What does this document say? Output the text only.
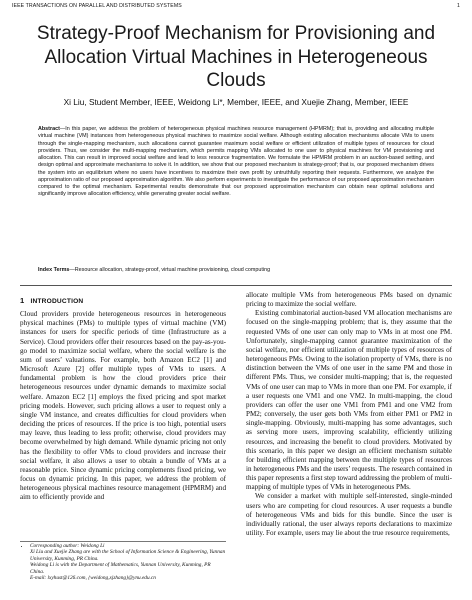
IEEE TRANSACTIONS ON PARALLEL AND DISTRIBUTED SYSTEMS	1
Strategy-Proof Mechanism for Provisioning and Allocation Virtual Machines in Heterogeneous Clouds
Xi Liu, Student Member, IEEE, Weidong Li*, Member, IEEE, and Xuejie Zhang, Member, IEEE

Abstract—In this paper, we address the problem of heterogeneous physical machines resource management (HPMRM); that is, providing and allocating multiple virtual machine (VM) instances from heterogeneous physical machines to maximize social welfare. Although existing allocation mechanisms allocate VMs to users through the single-mapping mechanism, such allocations cannot guarantee maximum social welfare or efficient utilization of multiple types of resources for cloud providers. Thus, we consider the multi-mapping mechanism, which permits mapping VMs allocated to one user to physical machines for VM provisioning and allocation. This can result in improved social welfare and lead to less resource fragmentation. We formulate the HPMRM problem in an auction-based setting, and design optimal and approximate mechanisms to solve it. In addition, we show that our proposed mechanism is strategy-proof; that is, our proposed mechanism drives the system into an equilibrium where no users have incentives to maximize their own profit by untruthfully reporting their requests. Furthermore, we analyze the approximation ratio of our proposed approximation algorithm. We also perform experiments to investigate the performance of our proposed approximation mechanism compared to the optimal mechanism. Experimental results demonstrate that our proposed approximation mechanism can obtain near optimal solutions and significantly improve allocation efficiency, while generating greater social welfare.

Index Terms—Resource allocation, strategy-proof, virtual machine provisioning, cloud computing
1 INTRODUCTION

Cloud providers provide heterogeneous resources in heterogeneous physical machines (PMs) to multiple types of virtual machine (VM) instances for users for specific periods of time (Infrastructure as a Service). Cloud providers offer their resources based on the pay-as-you-go model to maximize social welfare, where the social welfare is the sum of users’ valuations. For example, both Amazon EC2 [1] and Microsoft Azure [2] offer multiple types of VMs to users. A fundamental problem is how the cloud providers price their heterogeneous resources under dynamic demands to maximize social welfare. Amazon EC2 [1] employs the fixed pricing and spot market pricing models. However, such pricing allows a user to request only a single VM instance, and creates difficulties for cloud providers when deciding the prices of resources. If the price is too high, potential users may leave, thus leading to less profit; otherwise, cloud providers may become overwhelmed by high demand. While dynamic pricing not only has the flexibility to offer VMs to cloud providers and increase their social welfare, it also allows a user to obtain a bundle of VMs at a reasonable price. Since dynamic pricing complements fixed pricing, we focus on dynamic pricing. In this paper, we address the problem of heterogeneous physical machines resource management (HPMRM) and aim to efficiently provide and

allocate multiple VMs from heterogeneous PMs based on dynamic pricing to maximize the social welfare.

Existing combinatorial auction-based VM allocation mechanisms are focused on the single-mapping problem; that is, they assume that the requested VMs of one user can only map to VMs in at most one PM. Unfortunately, single-mapping cannot guarantee maximization of the social welfare, nor efficient utilization of multiple types of resources of heterogeneous PMs. Owing to the isolation property of VMs, there is no distinction between the VMs of one user in the same PM and those in different PMs. Thus, we consider multi-mapping; that is, the requested VMs of one user can map to VMs in more than one PM. For example, if a user requests one VM1 and one VM2. In multi-mapping, the cloud providers can offer the user one VM1 from PM1 and one VM2 from PM2; conversely, the user gets both VMs from either PM1 or PM2 in single-mapping. Obviously, multi-mapping has some advantages, such as serving more users, improving scalability, efficiently utilizing resources, and increasing the benefit to cloud providers. Motivated by this scenario, in this paper we design an efficient mechanism suitable for building efficient mapping between the multiple types of resources in heterogeneous PMs and the users’ requests. The research contained in this paper represents a first step toward addressing the problem of multi-mapping of multiple types of VMs in heterogeneous PMs.

We consider a market with multiple self-interested, single-minded users who are competing for cloud resources. A user requests a bundle of heterogeneous VMs and bids for this bundle. Since the user is individually rational, the user always reports declarations to maximize utility. For example, users may lie about the true resource requirements,

• Corresponding author: Weidong Li
Xi Liu and Xuejie Zhang are with the School of Information Science & Engineering, Yunnan University, Kunming, PR China.
Weidong Li is with the Department of Mathematics, Yunnan University, Kunming, PR China.
E-mail: lxyhust@126.com, {weidong,xjzhang}@ynu.edu.cn
